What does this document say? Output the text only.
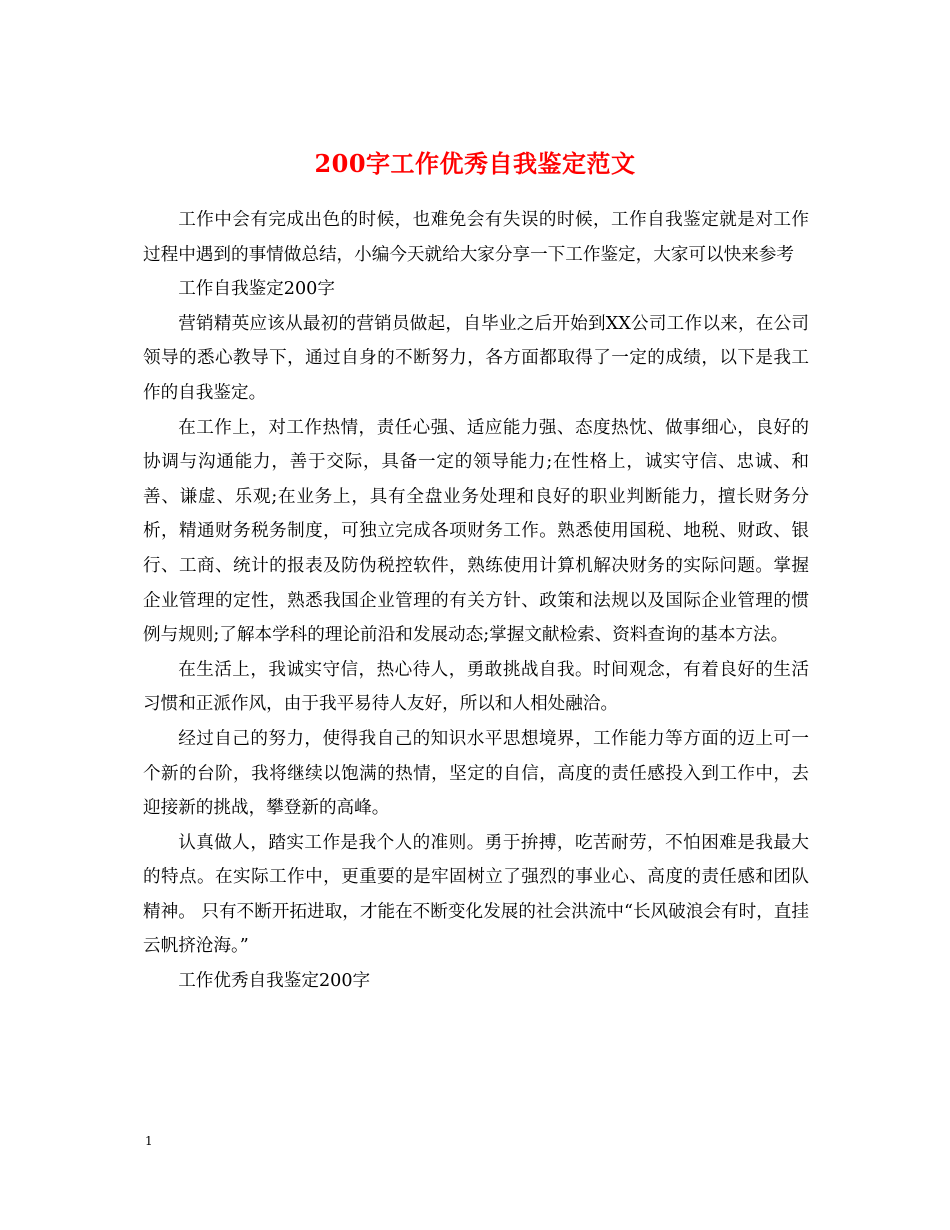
200字工作优秀自我鉴定范文

工作中会有完成出色的时候，也难免会有失误的时候，工作自我鉴定就是对工作过程中遇到的事情做总结，小编今天就给大家分享一下工作鉴定，大家可以快来参考

工作自我鉴定200字

营销精英应该从最初的营销员做起，自毕业之后开始到XX公司工作以来，在公司领导的悉心教导下，通过自身的不断努力，各方面都取得了一定的成绩，以下是我工作的自我鉴定。

在工作上，对工作热情，责任心强、适应能力强、态度热忱、做事细心，良好的协调与沟通能力，善于交际，具备一定的领导能力;在性格上，诚实守信、忠诚、和善、谦虚、乐观;在业务上，具有全盘业务处理和良好的职业判断能力，擅长财务分析，精通财务税务制度，可独立完成各项财务工作。熟悉使用国税、地税、财政、银行、工商、统计的报表及防伪税控软件，熟练使用计算机解决财务的实际问题。掌握企业管理的定性，熟悉我国企业管理的有关方针、政策和法规以及国际企业管理的惯例与规则;了解本学科的理论前沿和发展动态;掌握文献检索、资料查询的基本方法。

在生活上，我诚实守信，热心待人，勇敢挑战自我。时间观念，有着良好的生活习惯和正派作风，由于我平易待人友好，所以和人相处融洽。

经过自己的努力，使得我自己的知识水平思想境界，工作能力等方面的迈上可一个新的台阶，我将继续以饱满的热情，坚定的自信，高度的责任感投入到工作中，去迎接新的挑战，攀登新的高峰。

认真做人，踏实工作是我个人的准则。勇于拚搏，吃苦耐劳，不怕困难是我最大的特点。在实际工作中，更重要的是牢固树立了强烈的事业心、高度的责任感和团队精神。 只有不断开拓进取，才能在不断变化发展的社会洪流中“长风破浪会有时，直挂云帆挤沧海。”

工作优秀自我鉴定200字

1
